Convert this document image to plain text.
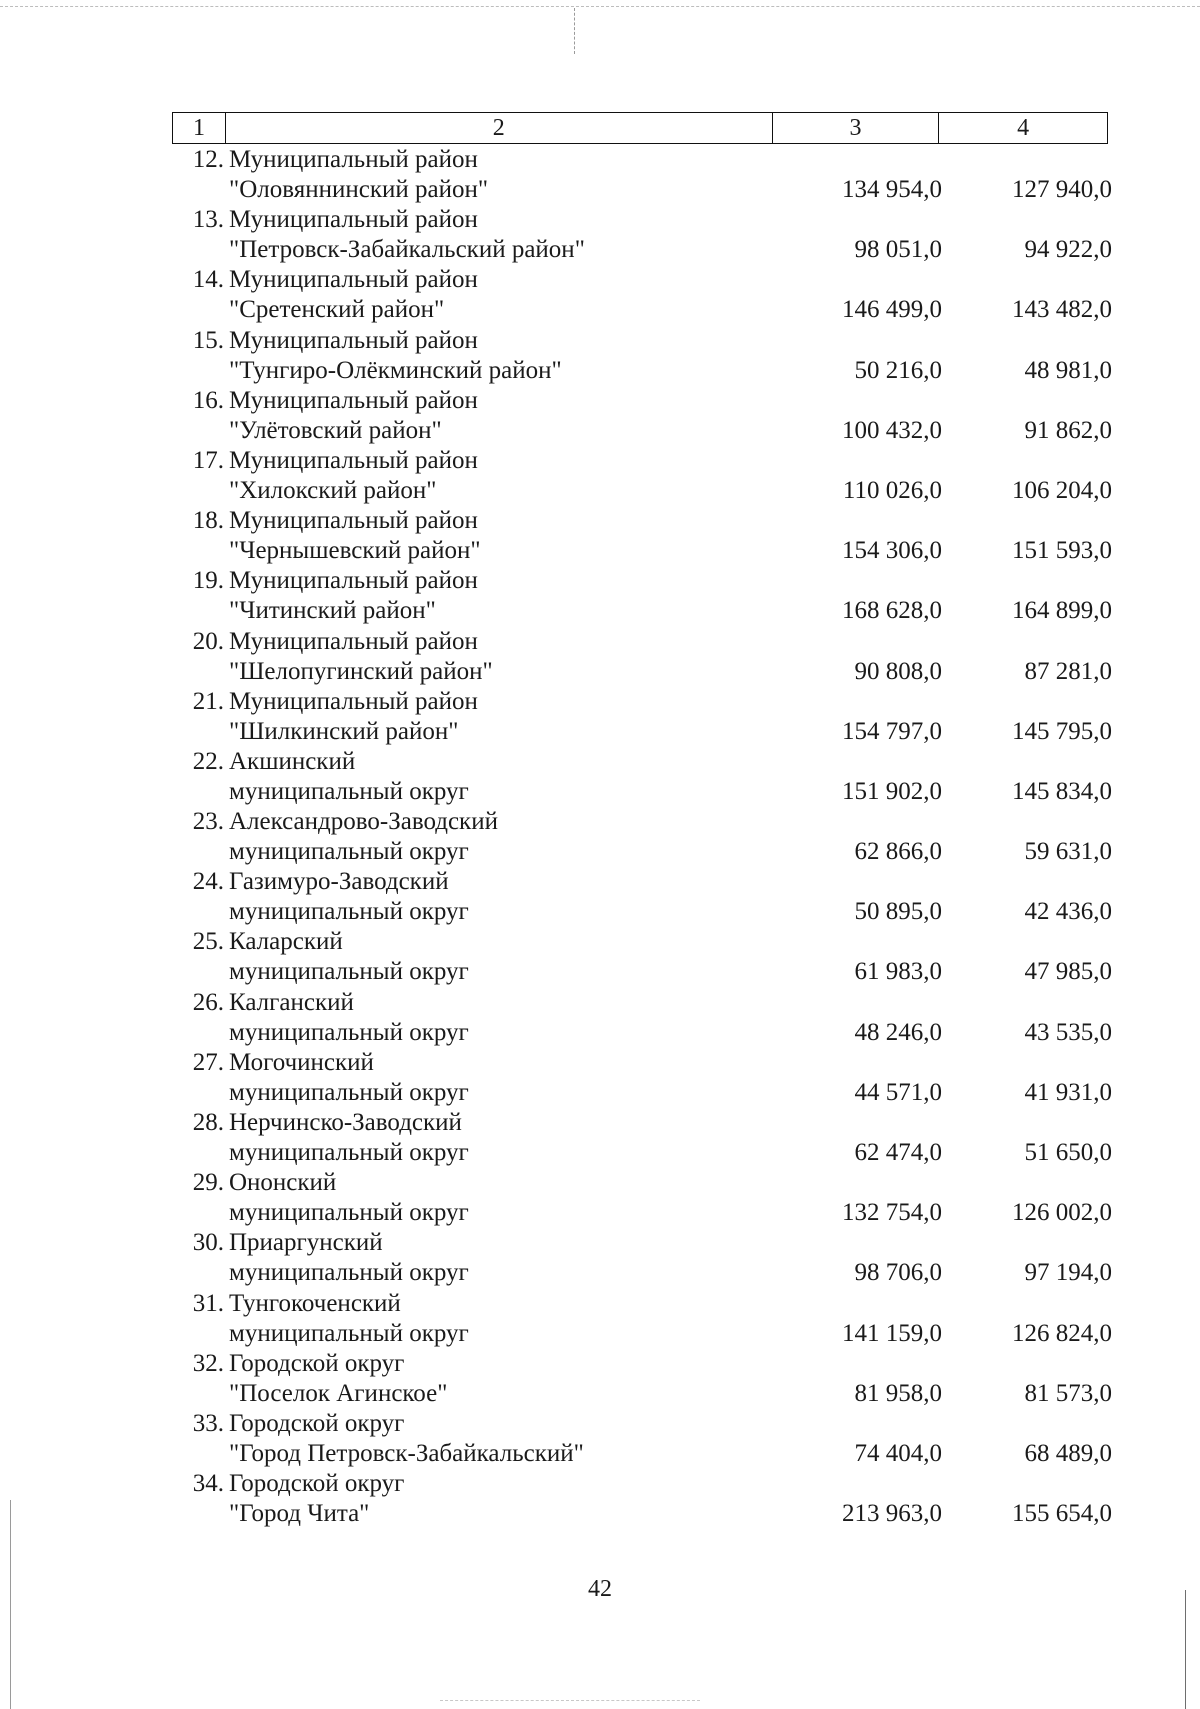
1	2	3	4
12. Муниципальный район
"Оловяннинский район"	134 954,0	127 940,0
13. Муниципальный район
"Петровск-Забайкальский район"	98 051,0	94 922,0
14. Муниципальный район
"Сретенский район"	146 499,0	143 482,0
15. Муниципальный район
"Тунгиро-Олёкминский район"	50 216,0	48 981,0
16. Муниципальный район
"Улётовский район"	100 432,0	91 862,0
17. Муниципальный район
"Хилокский район"	110 026,0	106 204,0
18. Муниципальный район
"Чернышевский район"	154 306,0	151 593,0
19. Муниципальный район
"Читинский район"	168 628,0	164 899,0
20. Муниципальный район
"Шелопугинский район"	90 808,0	87 281,0
21. Муниципальный район
"Шилкинский район"	154 797,0	145 795,0
22. Акшинский
муниципальный округ	151 902,0	145 834,0
23. Александрово-Заводский
муниципальный округ	62 866,0	59 631,0
24. Газимуро-Заводский
муниципальный округ	50 895,0	42 436,0
25. Каларский
муниципальный округ	61 983,0	47 985,0
26. Калганский
муниципальный округ	48 246,0	43 535,0
27. Могочинский
муниципальный округ	44 571,0	41 931,0
28. Нерчинско-Заводский
муниципальный округ	62 474,0	51 650,0
29. Ононский
муниципальный округ	132 754,0	126 002,0
30. Приаргунский
муниципальный округ	98 706,0	97 194,0
31. Тунгокоченский
муниципальный округ	141 159,0	126 824,0
32. Городской округ
"Поселок Агинское"	81 958,0	81 573,0
33. Городской округ
"Город Петровск-Забайкальский"	74 404,0	68 489,0
34. Городской округ
"Город Чита"	213 963,0	155 654,0
42
